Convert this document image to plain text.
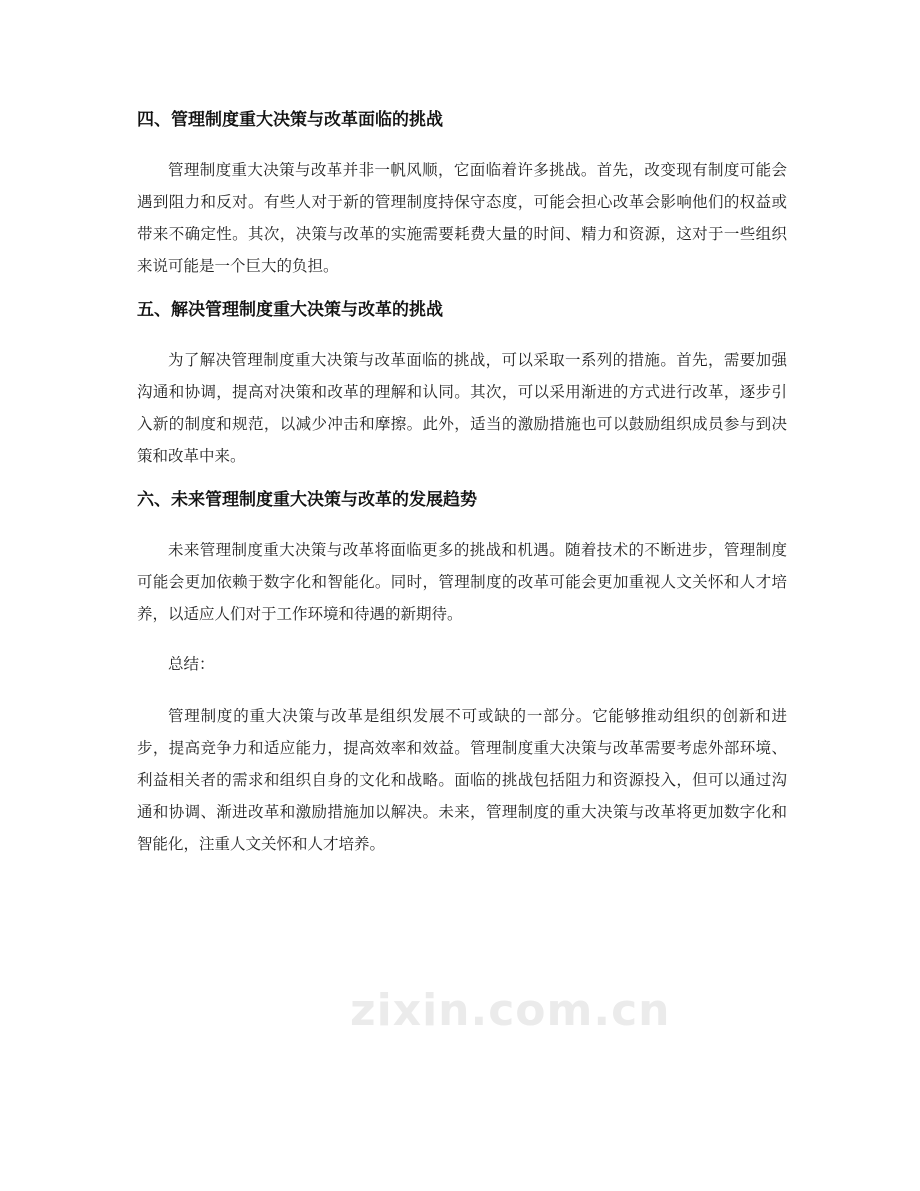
四、管理制度重大决策与改革面临的挑战

管理制度重大决策与改革并非一帆风顺，它面临着许多挑战。首先，改变现有制度可能会遇到阻力和反对。有些人对于新的管理制度持保守态度，可能会担心改革会影响他们的权益或带来不确定性。其次，决策与改革的实施需要耗费大量的时间、精力和资源，这对于一些组织来说可能是一个巨大的负担。

五、解决管理制度重大决策与改革的挑战

为了解决管理制度重大决策与改革面临的挑战，可以采取一系列的措施。首先，需要加强沟通和协调，提高对决策和改革的理解和认同。其次，可以采用渐进的方式进行改革，逐步引入新的制度和规范，以减少冲击和摩擦。此外，适当的激励措施也可以鼓励组织成员参与到决策和改革中来。

六、未来管理制度重大决策与改革的发展趋势

未来管理制度重大决策与改革将面临更多的挑战和机遇。随着技术的不断进步，管理制度可能会更加依赖于数字化和智能化。同时，管理制度的改革可能会更加重视人文关怀和人才培养，以适应人们对于工作环境和待遇的新期待。

总结：

管理制度的重大决策与改革是组织发展不可或缺的一部分。它能够推动组织的创新和进步，提高竞争力和适应能力，提高效率和效益。管理制度重大决策与改革需要考虑外部环境、利益相关者的需求和组织自身的文化和战略。面临的挑战包括阻力和资源投入，但可以通过沟通和协调、渐进改革和激励措施加以解决。未来，管理制度的重大决策与改革将更加数字化和智能化，注重人文关怀和人才培养。

zixin.com.cn
